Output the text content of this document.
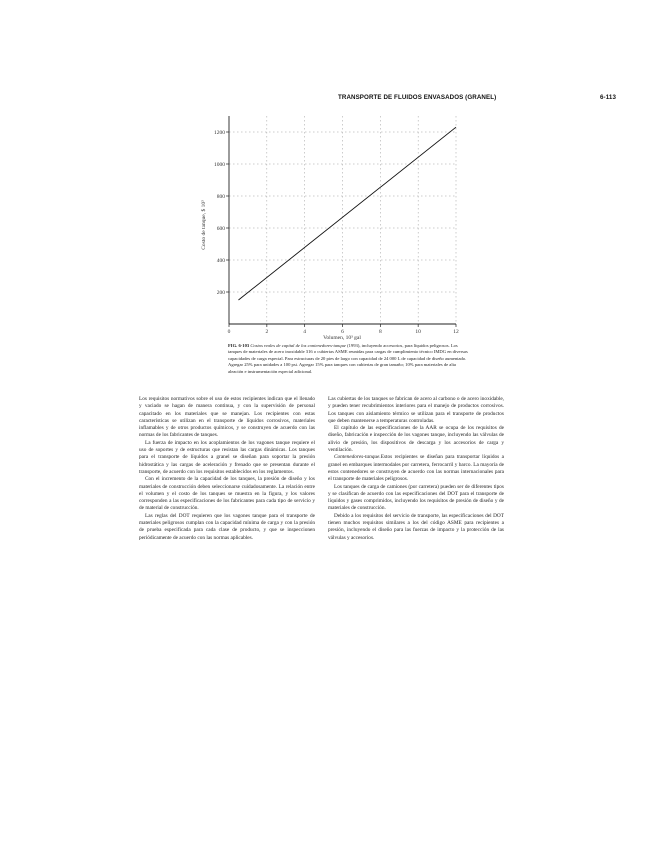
TRANSPORTE DE FLUIDOS ENVASADOS (GRANEL)	6-113
0	2	4	6	8	10	12
200
400
600
800
1000
1200
Volumen, 10³ gal
Costo de tanque, $ 10³
FIG. 6-103 Costos reales de capital de los contenedores-tanque (1993), incluyendo accesorios, para líquidos peligrosos. Los tanques de materiales de acero inoxidable 316 o cubiertas ASME reunidas para cargas de cumplimiento técnico IMDG en diversas capacidades de carga especial. Para estructuras de 20 pies de largo con capacidad de 24 000 L de capacidad de diseño aumentado. Agregar 25% para unidades a 100 psi. Agregar 15% para tanques con cubiertas de gran tamaño; 10% para materiales de alta aleación e instrumentación especial adicional.

Los requisitos normativos sobre el uso de estos recipientes indican que el llenado y vaciado se hagan de manera continua, y con la supervisión de personal capacitado en los materiales que se manejan. Los recipientes con estas características se utilizan en el transporte de líquidos corrosivos, materiales inflamables y de otros productos químicos, y se construyen de acuerdo con las normas de los fabricantes de tanques.

La fuerza de impacto en los acoplamientos de los vagones tanque requiere el uso de soportes y de estructuras que resistan las cargas dinámicas. Los tanques para el transporte de líquidos a granel se diseñan para soportar la presión hidrostática y las cargas de aceleración y frenado que se presentan durante el transporte, de acuerdo con los requisitos establecidos en los reglamentos.

Con el incremento de la capacidad de los tanques, la presión de diseño y los materiales de construcción deben seleccionarse cuidadosamente. La relación entre el volumen y el costo de los tanques se muestra en la figura, y los valores corresponden a las especificaciones de los fabricantes para cada tipo de servicio y de material de construcción.

Las reglas del DOT requieren que los vagones tanque para el transporte de materiales peligrosos cumplan con la capacidad mínima de carga y con la presión de prueba especificada para cada clase de producto, y que se inspeccionen periódicamente de acuerdo con las normas aplicables.

Las cubiertas de los tanques se fabrican de acero al carbono o de acero inoxidable, y pueden tener recubrimientos interiores para el manejo de productos corrosivos. Los tanques con aislamiento térmico se utilizan para el transporte de productos que deben mantenerse a temperaturas controladas.

El capítulo de las especificaciones de la AAR se ocupa de los requisitos de diseño, fabricación e inspección de los vagones tanque, incluyendo las válvulas de alivio de presión, los dispositivos de descarga y los accesorios de carga y ventilación.

Contenedores-tanque.Estos recipientes se diseñan para transportar líquidos a granel en embarques intermodales por carretera, ferrocarril y barco. La mayoría de estos contenedores se construyen de acuerdo con las normas internacionales para el transporte de materiales peligrosos.

Los tanques de carga de camiones (por carretera) pueden ser de diferentes tipos y se clasifican de acuerdo con las especificaciones del DOT para el transporte de líquidos y gases comprimidos, incluyendo los requisitos de presión de diseño y de materiales de construcción.

Debido a los requisitos del servicio de transporte, las especificaciones del DOT tienen muchos requisitos similares a los del código ASME para recipientes a presión, incluyendo el diseño para las fuerzas de impacto y la protección de las válvulas y accesorios.
